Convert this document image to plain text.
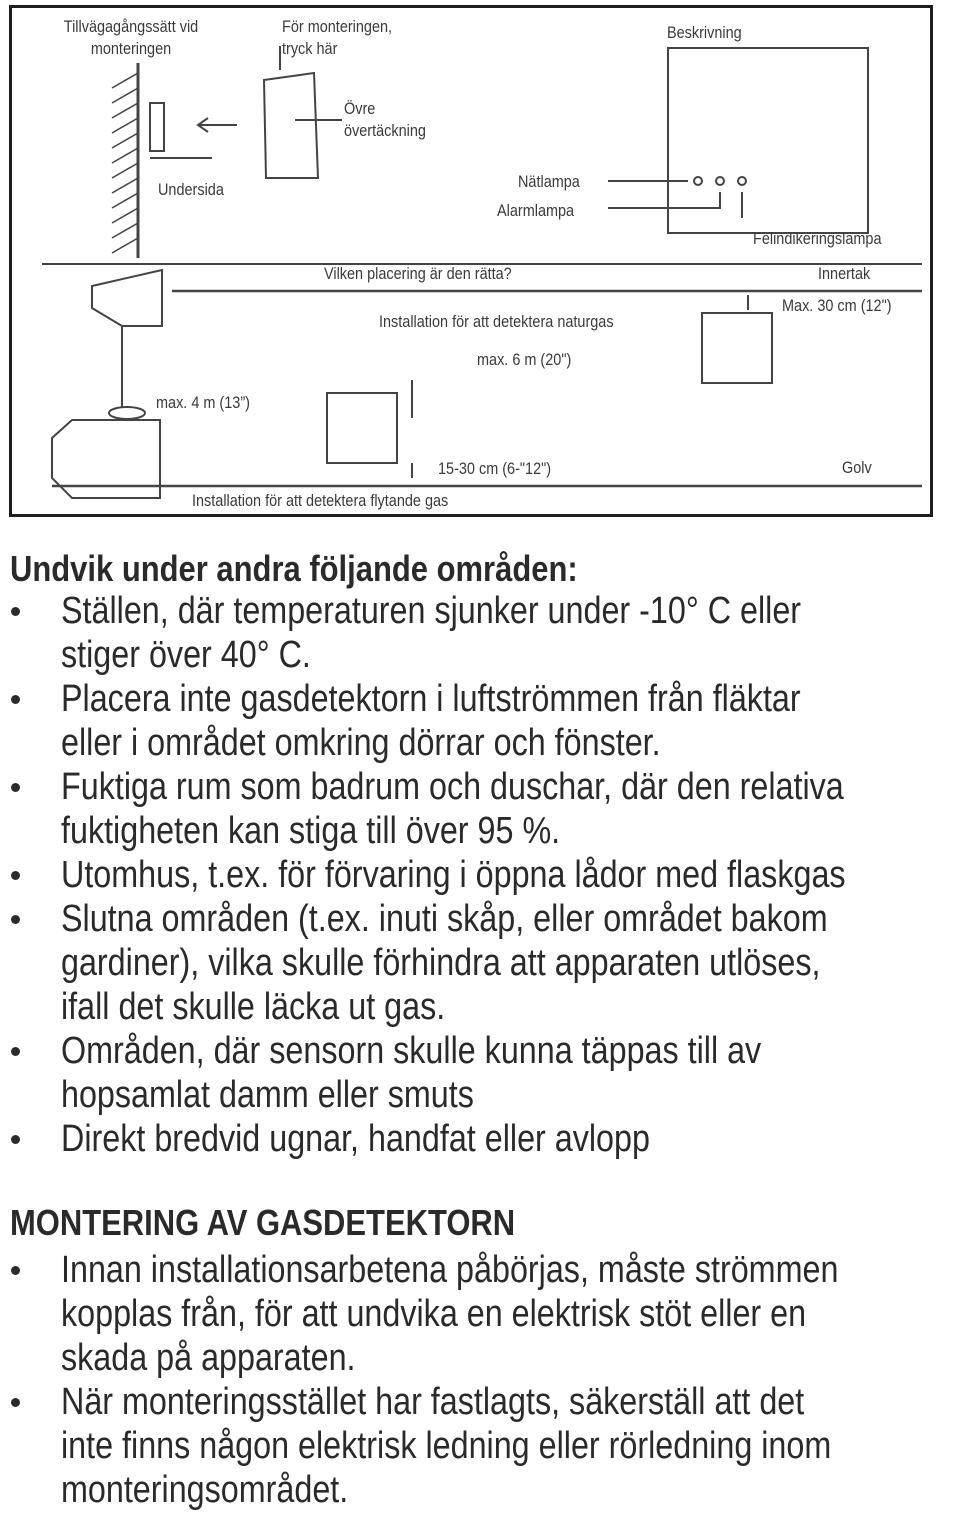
Tillvägagångssätt vid
monteringen
För monteringen,
tryck här
Beskrivning
Övre
övertäckning
Undersida	Nätlampa
Alarmlampa
Felindikeringslampa
Vilken placering är den rätta?	Innertak
Installation för att detektera naturgas
Max. 30 cm (12")
max. 6 m (20")
max. 4 m (13”)
15-30 cm (6-"12")	Golv
Installation för att detektera flytande gas
Undvik under andra följande områden:
Ställen, där temperaturen sjunker under -10° C eller
stiger över 40° C.
Placera inte gasdetektorn i luftströmmen från fläktar
eller i området omkring dörrar och fönster.
Fuktiga rum som badrum och duschar, där den relativa
fuktigheten kan stiga till över 95 %.
Utomhus, t.ex. för förvaring i öppna lådor med flaskgas
Slutna områden (t.ex. inuti skåp, eller området bakom
gardiner), vilka skulle förhindra att apparaten utlöses,
ifall det skulle läcka ut gas.
Områden, där sensorn skulle kunna täppas till av
hopsamlat damm eller smuts
Direkt bredvid ugnar, handfat eller avlopp
MONTERING AV GASDETEKTORN
Innan installationsarbetena påbörjas, måste strömmen
kopplas från, för att undvika en elektrisk stöt eller en
skada på apparaten.
När monteringsstället har fastlagts, säkerställ att det
inte finns någon elektrisk ledning eller rörledning inom
monteringsområdet.
